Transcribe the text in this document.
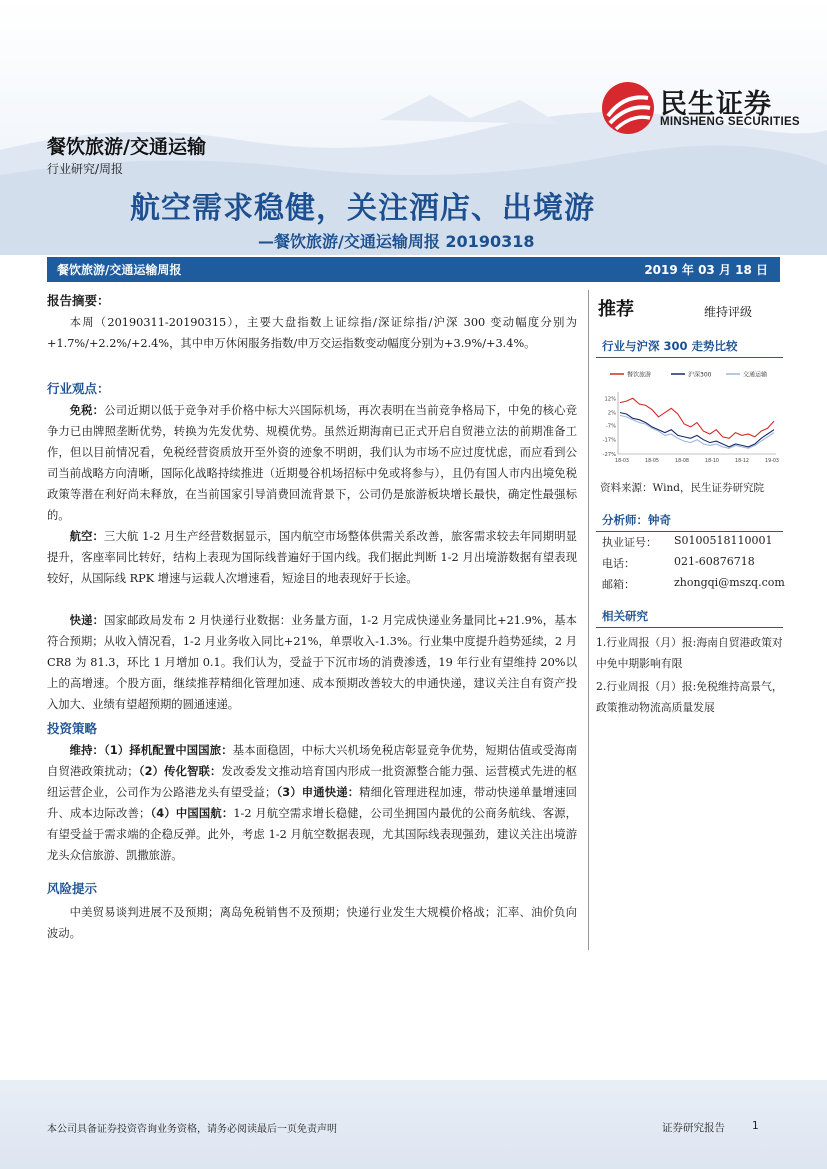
民生证券
MINSHENG SECURITIES
餐饮旅游/交通运输
行业研究/周报
航空需求稳健，关注酒店、出境游
—餐饮旅游/交通运输周报 20190318
餐饮旅游/交通运输周报	2019 年 03 月 18 日
报告摘要：
本周（20190311-20190315），主要大盘指数上证综指/深证综指/沪深 300 变动幅度分别为+1.7%/+2.2%/+2.4%，其中申万休闲服务指数/申万交运指数变动幅度分别为+3.9%/+3.4%。
行业观点：
免税：公司近期以低于竞争对手价格中标大兴国际机场，再次表明在当前竞争格局下，中免的核心竞争力已由牌照垄断优势，转换为先发优势、规模优势。虽然近期海南已正式开启自贸港立法的前期准备工作，但以目前情况看，免税经营资质放开至外资的迹象不明朗，我们认为市场不应过度忧虑，而应看到公司当前战略方向清晰，国际化战略持续推进（近期曼谷机场招标中免或将参与），且仍有国人市内出境免税政策等潜在利好尚未释放，在当前国家引导消费回流背景下，公司仍是旅游板块增长最快，确定性最强标的。
航空：三大航 1-2 月生产经营数据显示，国内航空市场整体供需关系改善，旅客需求较去年同期明显提升，客座率同比转好，结构上表现为国际线普遍好于国内线。我们据此判断 1-2 月出境游数据有望表现较好，从国际线 RPK 增速与运载人次增速看，短途目的地表现好于长途。
快递：国家邮政局发布 2 月快递行业数据：业务量方面，1-2 月完成快递业务量同比+21.9%，基本符合预期；从收入情况看，1-2 月业务收入同比+21%，单票收入-1.3%。行业集中度提升趋势延续，2 月 CR8 为 81.3，环比 1 月增加 0.1。我们认为，受益于下沉市场的消费渗透，19 年行业有望维持 20%以上的高增速。个股方面，继续推荐精细化管理加速、成本预期改善较大的申通快递，建议关注自有资产投入加大、业绩有望超预期的圆通速递。
投资策略
维持：（1）择机配置中国国旅：基本面稳固，中标大兴机场免税店彰显竞争优势，短期估值或受海南自贸港政策扰动；（2）传化智联：发改委发文推动培育国内形成一批资源整合能力强、运营模式先进的枢纽运营企业，公司作为公路港龙头有望受益；（3）申通快递：精细化管理进程加速，带动快递单量增速回升、成本边际改善；（4）中国国航：1-2 月航空需求增长稳健，公司坐拥国内最优的公商务航线、客源，有望受益于需求端的企稳反弹。此外，考虑 1-2 月航空数据表现，尤其国际线表现强劲，建议关注出境游龙头众信旅游、凯撒旅游。
风险提示
中美贸易谈判进展不及预期；离岛免税销售不及预期；快递行业发生大规模价格战；汇率、油价负向波动。
推荐	维持评级
行业与沪深 300 走势比较
餐饮旅游	沪深300	交通运输
12%
2%
-7%
-17%
-27%
18-03	18-05	18-08	18-10	18-12	19-03
资料来源：Wind，民生证券研究院
分析师：钟奇
执业证号： S0100518110001
电话：	021-60876718
邮箱：	zhongqi@mszq.com
相关研究
1.行业周报（月）报:海南自贸港政策对中免中期影响有限
2.行业周报（月）报:免税维持高景气，政策推动物流高质量发展
本公司具备证券投资咨询业务资格，请务必阅读最后一页免责声明	证券研究报告	1
